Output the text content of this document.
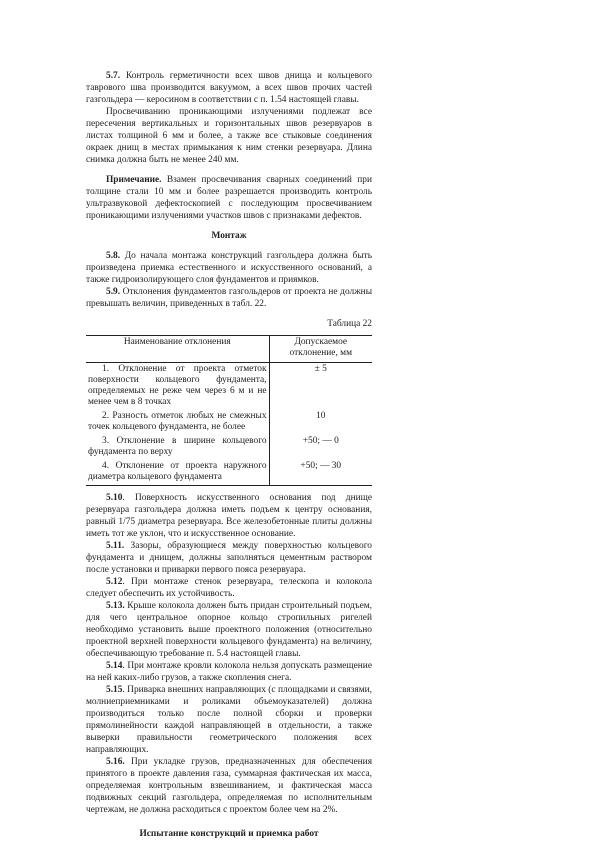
5.7. Контроль герметичности всех швов днища и кольцевого таврового шва производится вакуумом, а всех швов прочих частей газгольдера — керосином в соответствии с п. 1.54 настоящей главы.

Просвечиванию проникающими излучениями подлежат все пересечения вертикальных и горизонтальных швов резервуаров в листах толщиной 6 мм и более, а также все стыковые соединения окраек днищ в местах примыкания к ним стенки резервуара. Длина снимка должна быть не менее 240 мм.

Примечание. Взамен просвечивания сварных соединений при толщине стали 10 мм и более разрешается производить контроль ультразвуковой дефектоскопией с последующим просвечиванием проникающими излучениями участков швов с признаками дефектов.

Монтаж

5.8. До начала монтажа конструкций газгольдера должна быть произведена приемка естественного и искусственного оснований, а также гидроизолирующего слоя фундаментов и приямков.

5.9. Отклонения фундаментов газгольдеров от проекта не должны превышать величин, приведенных в табл. 22.

Таблица 22
Наименование отклонения	Допускаемое отклонение, мм

1. Отклонение от проекта отметок поверхности кольцевого фундамента, определяемых не реже чем через 6 м и не менее чем в 8 точках	± 5

2. Разность отметок любых не смежных точек кольцевого фундамента, не более	10

3. Отклонение в ширине кольцевого фундамента по верху	+50; — 0

4. Отклонение от проекта наружного диаметра кольцевого фундамента	+50; — 30

5.10. Поверхность искусственного основания под днище резервуара газгольдера должна иметь подъем к центру основания, равный 1/75 диаметра резервуара. Все железобетонные плиты должны иметь тот же уклон, что и искусственное основание.

5.11. Зазоры, образующиеся между поверхностью кольцевого фундамента и днищем, должны заполняться цементным раствором после установки и приварки первого пояса резервуара.

5.12. При монтаже стенок резервуара, телескопа и колокола следует обеспечить их устойчивость.

5.13. Крыше колокола должен быть придан строительный подъем, для чего центральное опорное кольцо стропильных ригелей необходимо установить выше проектного положения (относительно проектной верхней поверхности кольцевого фундамента) на величину, обеспечивающую требование п. 5.4 настоящей главы.

5.14. При монтаже кровли колокола нельзя допускать размещение на ней каких-либо грузов, а также скопления снега.

5.15. Приварка внешних направляющих (с площадками и связями, молниеприемниками и роликами объемоуказателей) должна производиться только после полной сборки и проверки прямолинейности каждой направляющей в отдельности, а также выверки правильности геометрического положения всех направляющих.

5.16. При укладке грузов, предназначенных для обеспечения принятого в проекте давления газа, суммарная фактическая их масса, определяемая контрольным взвешиванием, и фактическая масса подвижных секций газгольдера, определяемая по исполнительным чертежам, не должна расходиться с проектом более чем на 2%.

Испытание конструкций и приемка работ
